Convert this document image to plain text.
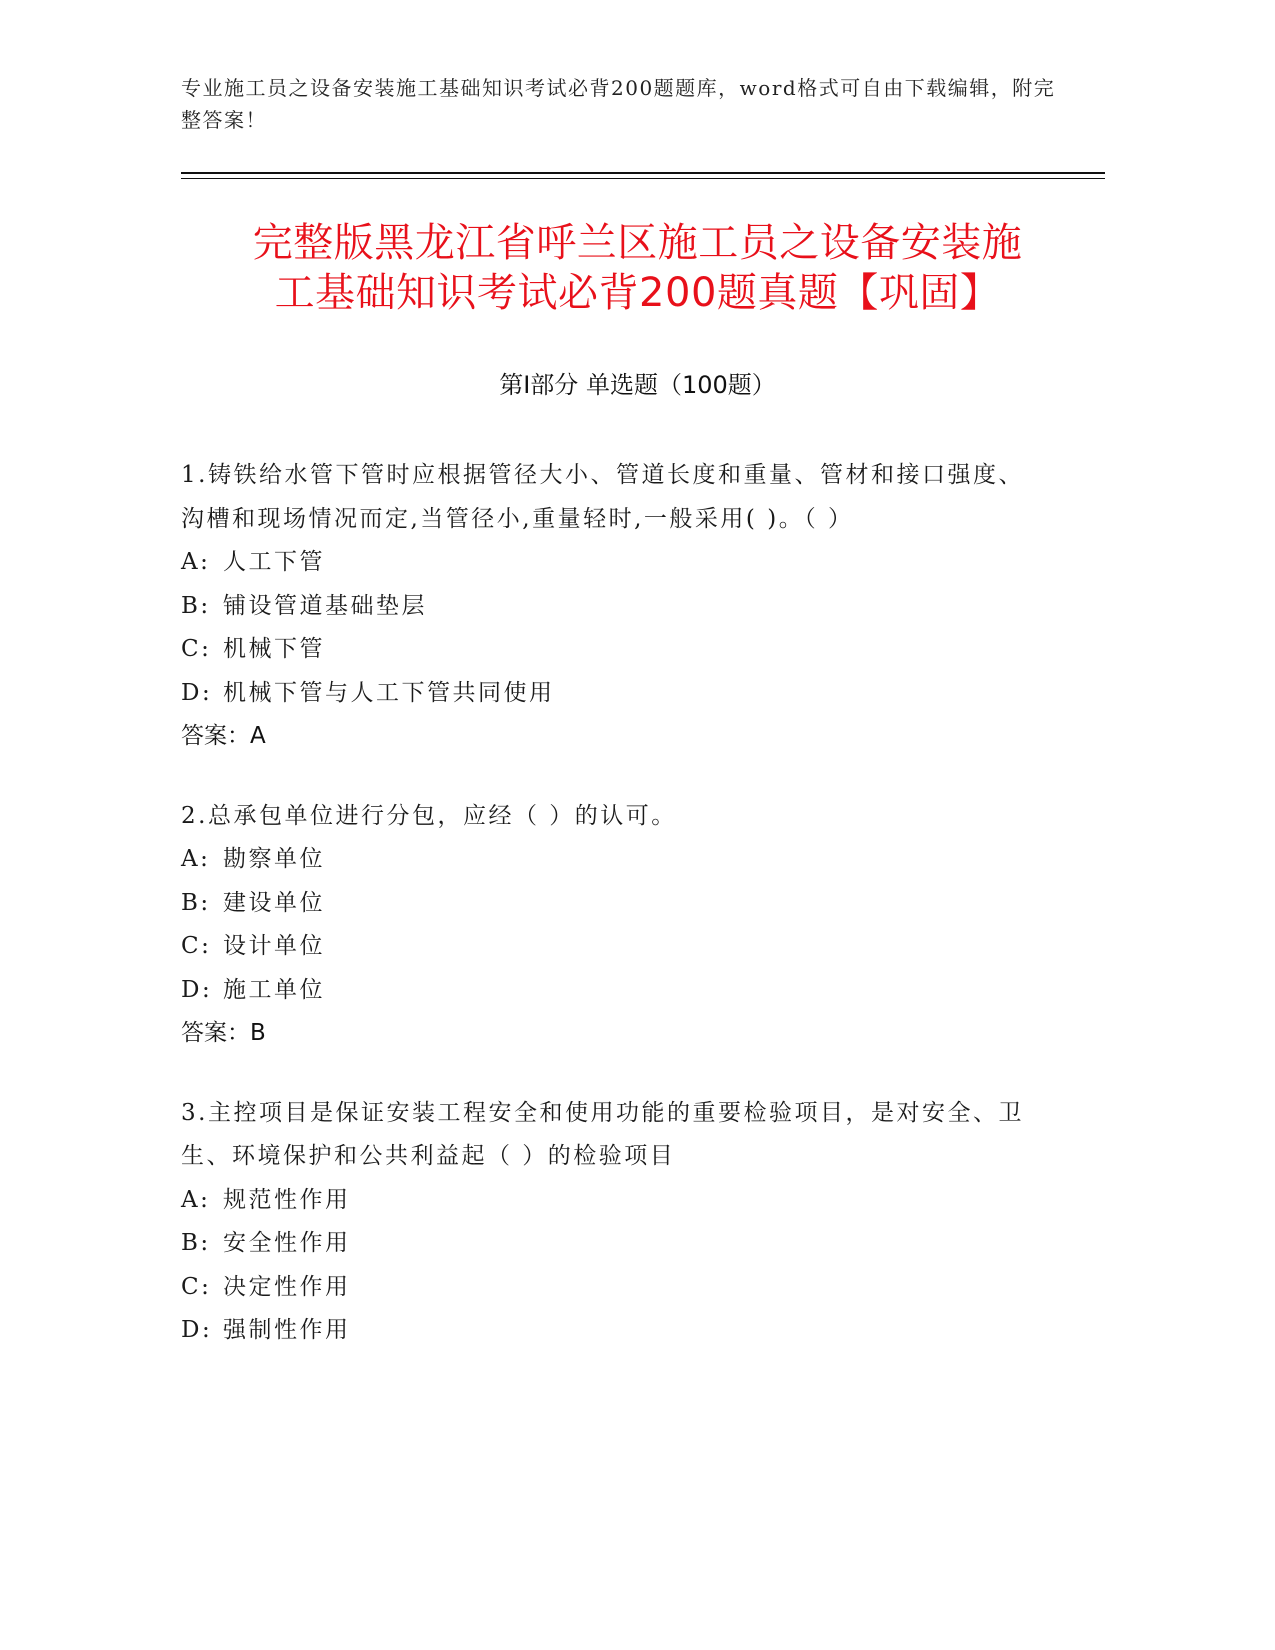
专业施工员之设备安装施工基础知识考试必背200题题库，word格式可自由下载编辑，附完整答案！
完整版黑龙江省呼兰区施工员之设备安装施
工基础知识考试必背200题真题【巩固】
第Ⅰ部分 单选题（100题）

1.铸铁给水管下管时应根据管径大小、管道长度和重量、管材和接口强度、沟槽和现场情况而定,当管径小,重量轻时,一般采用( )。（ ）

A: 人工下管

B: 铺设管道基础垫层

C: 机械下管

D: 机械下管与人工下管共同使用

答案：A

2.总承包单位进行分包，应经（ ）的认可。

A: 勘察单位

B: 建设单位

C: 设计单位

D: 施工单位

答案：B

3.主控项目是保证安装工程安全和使用功能的重要检验项目，是对安全、卫生、环境保护和公共利益起（ ）的检验项目

A: 规范性作用

B: 安全性作用

C: 决定性作用

D: 强制性作用
